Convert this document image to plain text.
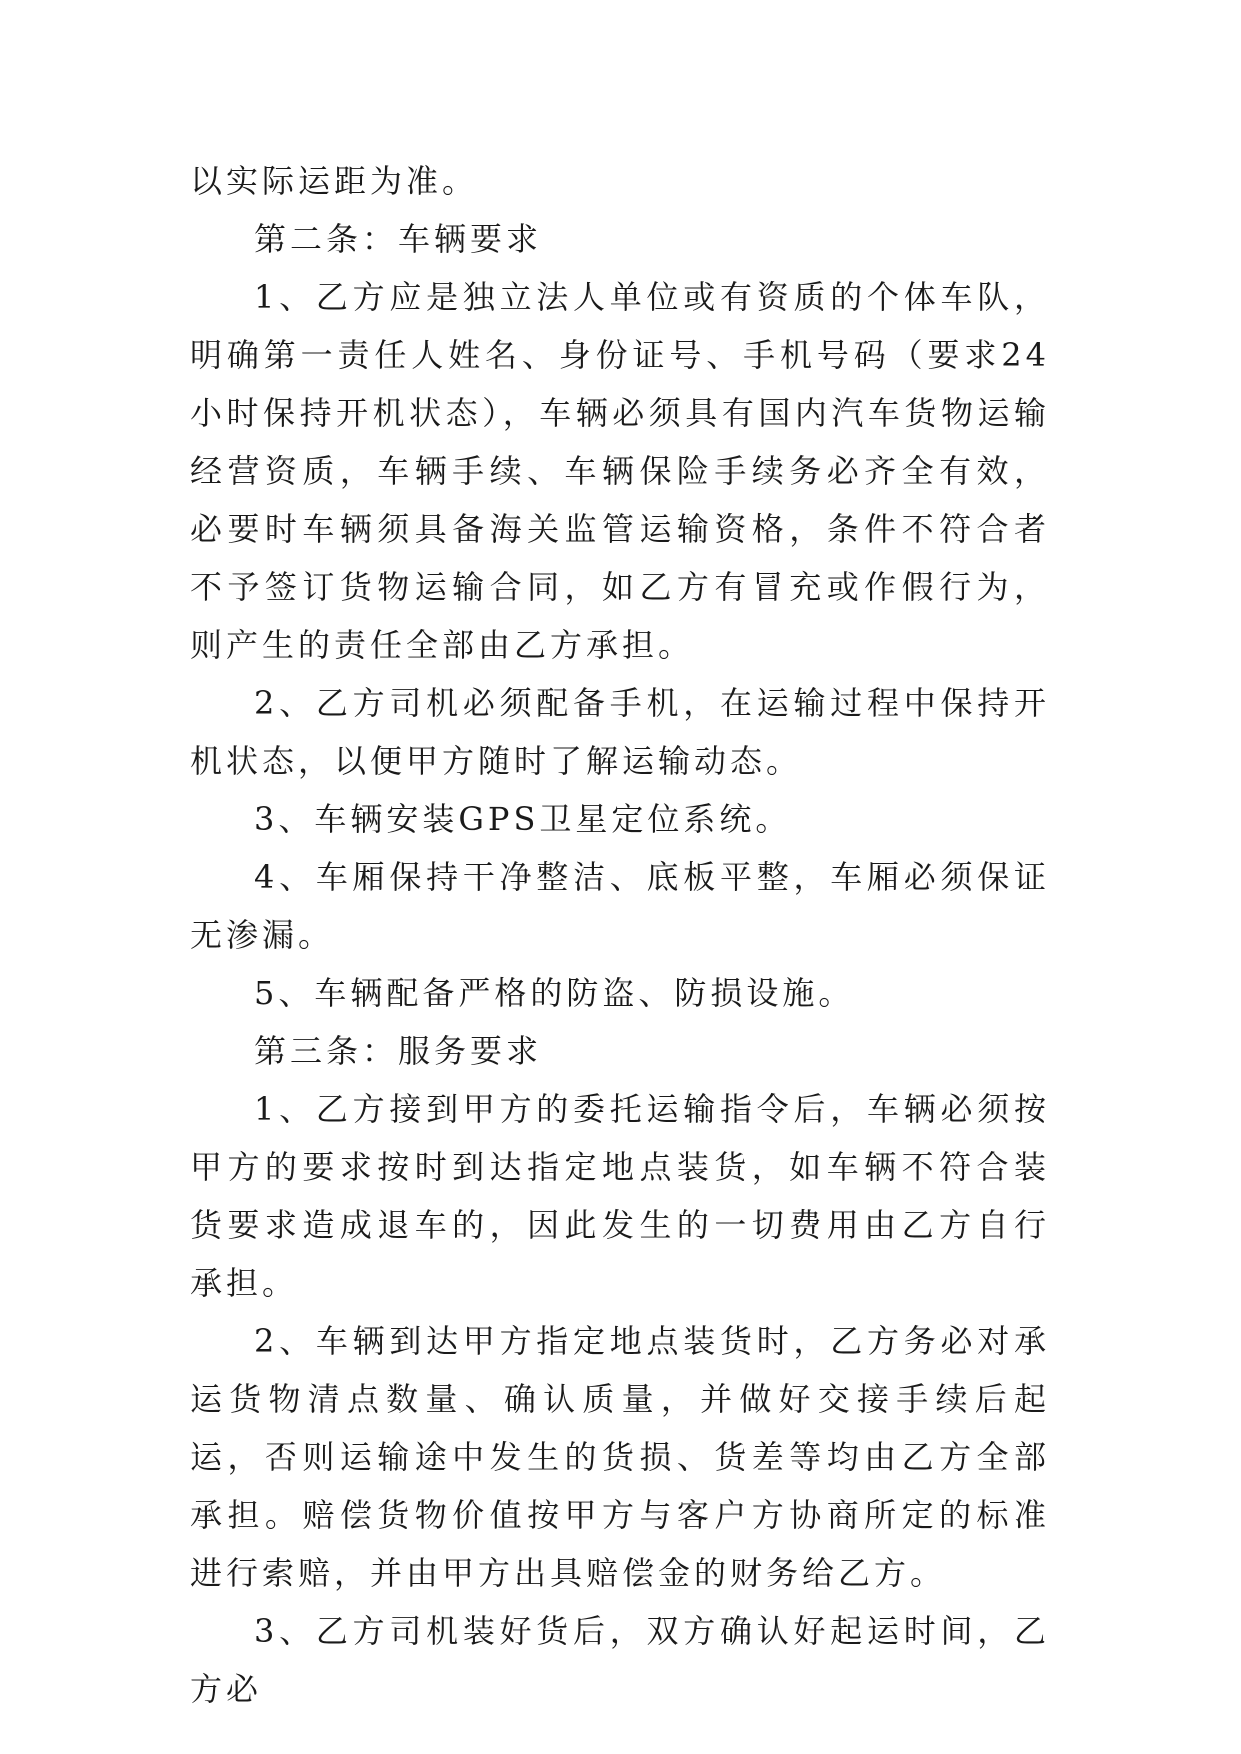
以实际运距为准。

第二条：车辆要求

1、乙方应是独立法人单位或有资质的个体车队，明确第一责任人姓名、身份证号、手机号码（要求24小时保持开机状态），车辆必须具有国内汽车货物运输经营资质，车辆手续、车辆保险手续务必齐全有效，必要时车辆须具备海关监管运输资格，条件不符合者不予签订货物运输合同，如乙方有冒充或作假行为，则产生的责任全部由乙方承担。

2、乙方司机必须配备手机，在运输过程中保持开机状态，以便甲方随时了解运输动态。

3、车辆安装GPS卫星定位系统。

4、车厢保持干净整洁、底板平整，车厢必须保证无渗漏。

5、车辆配备严格的防盗、防损设施。

第三条：服务要求

1、乙方接到甲方的委托运输指令后，车辆必须按甲方的要求按时到达指定地点装货，如车辆不符合装货要求造成退车的，因此发生的一切费用由乙方自行承担。

2、车辆到达甲方指定地点装货时，乙方务必对承运货物清点数量、确认质量，并做好交接手续后起运，否则运输途中发生的货损、货差等均由乙方全部承担。赔偿货物价值按甲方与客户方协商所定的标准进行索赔，并由甲方出具赔偿金的财务给乙方。

3、乙方司机装好货后，双方确认好起运时间，乙方必
